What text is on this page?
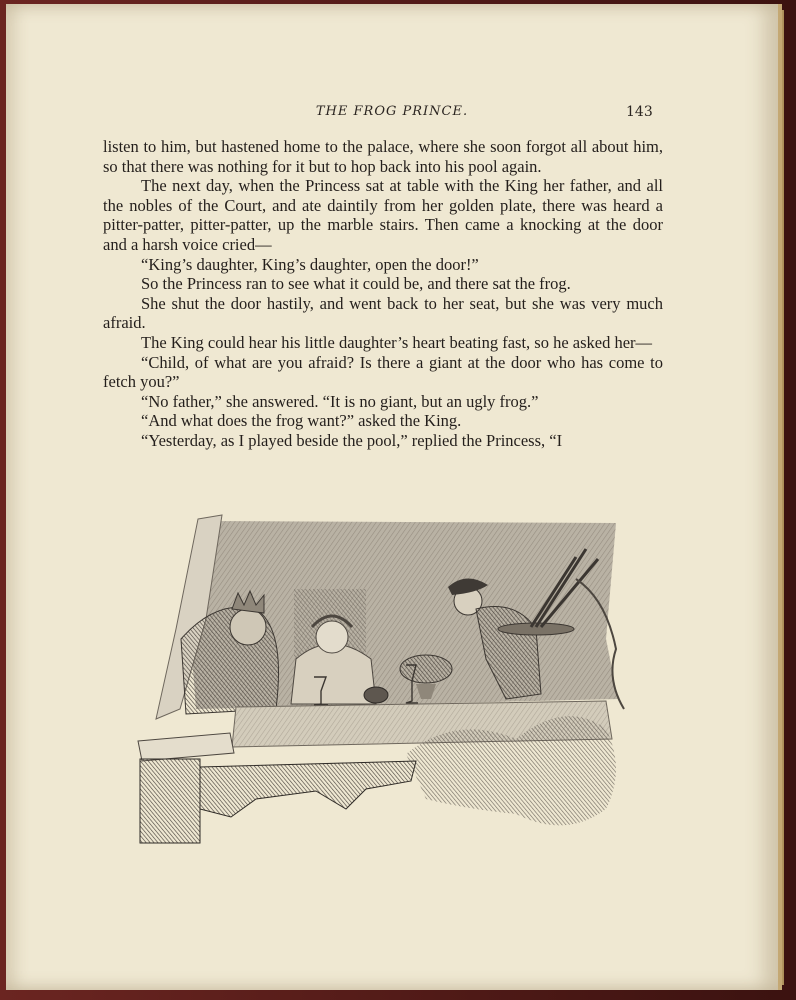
THE FROG PRINCE.	143

listen to him, but hastened home to the palace, where she soon forgot all about him, so that there was nothing for it but to hop back into his pool again.

The next day, when the Princess sat at table with the King her father, and all the nobles of the Court, and ate daintily from her golden plate, there was heard a pitter-patter, pitter-patter, up the marble stairs. Then came a knocking at the door and a harsh voice cried—

“King’s daughter, King’s daughter, open the door!”

So the Princess ran to see what it could be, and there sat the frog.

She shut the door hastily, and went back to her seat, but she was very much afraid.

The King could hear his little daughter’s heart beating fast, so he asked her—

“Child, of what are you afraid? Is there a giant at the door who has come to fetch you?”

“No father,” she answered. “It is no giant, but an ugly frog.”

“And what does the frog want?” asked the King.

“Yesterday, as I played beside the pool,” replied the Princess, “I
